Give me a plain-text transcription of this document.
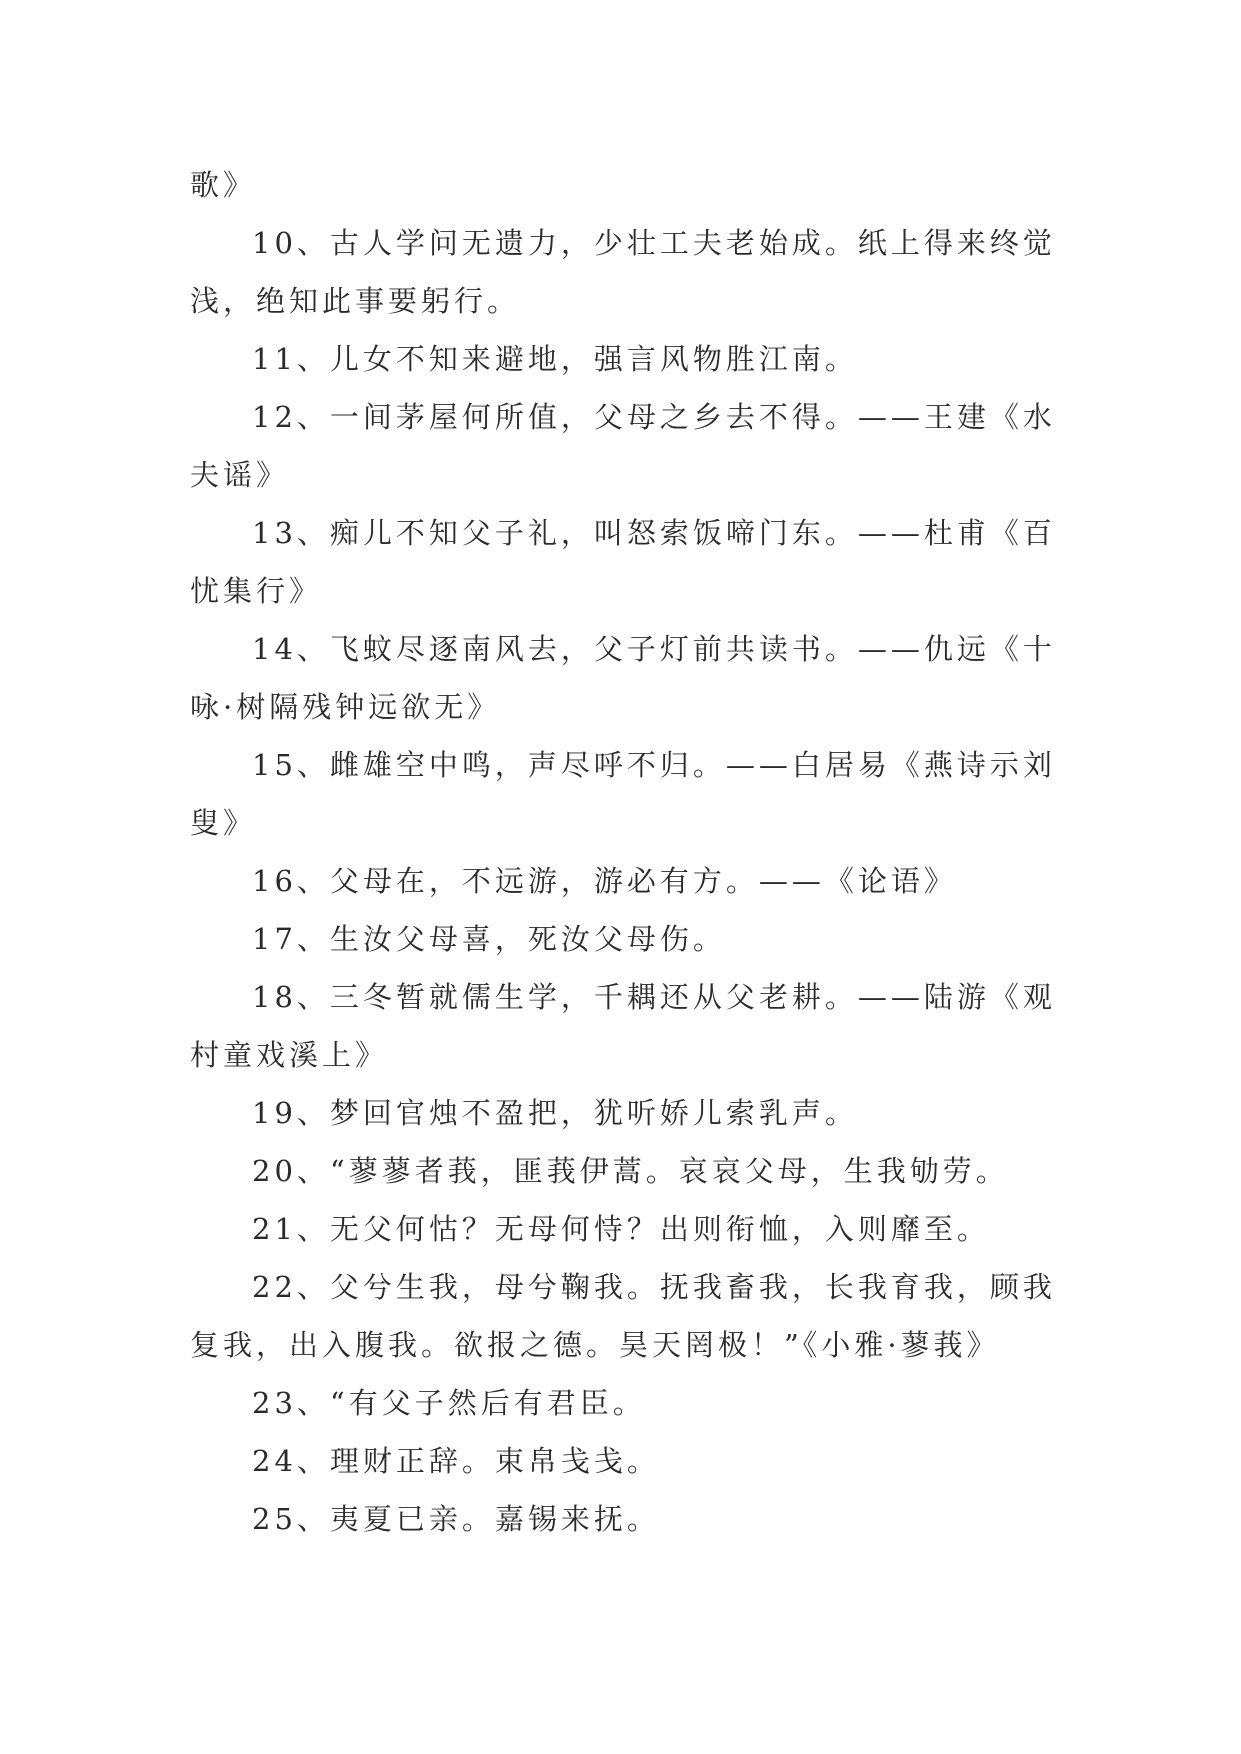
歌》
10、古人学问无遗力，少壮工夫老始成。纸上得来终觉
浅，绝知此事要躬行。
11、儿女不知来避地，强言风物胜江南。
12、一间茅屋何所值，父母之乡去不得。——王建《水
夫谣》
13、痴儿不知父子礼，叫怒索饭啼门东。——杜甫《百
忧集行》
14、飞蚊尽逐南风去，父子灯前共读书。——仇远《十
咏·树隔残钟远欲无》
15、雌雄空中鸣，声尽呼不归。——白居易《燕诗示刘
叟》
16、父母在，不远游，游必有方。——《论语》
17、生汝父母喜，死汝父母伤。
18、三冬暂就儒生学，千耦还从父老耕。——陆游《观
村童戏溪上》
19、梦回官烛不盈把，犹听娇儿索乳声。
20、“蓼蓼者莪，匪莪伊蒿。哀哀父母，生我劬劳。
21、无父何怙？无母何恃？出则衔恤，入则靡至。
22、父兮生我，母兮鞠我。抚我畜我，长我育我，顾我
复我，出入腹我。欲报之德。昊天罔极！”《小雅·蓼莪》
23、“有父子然后有君臣。
24、理财正辞。束帛戋戋。
25、夷夏已亲。嘉锡来抚。
